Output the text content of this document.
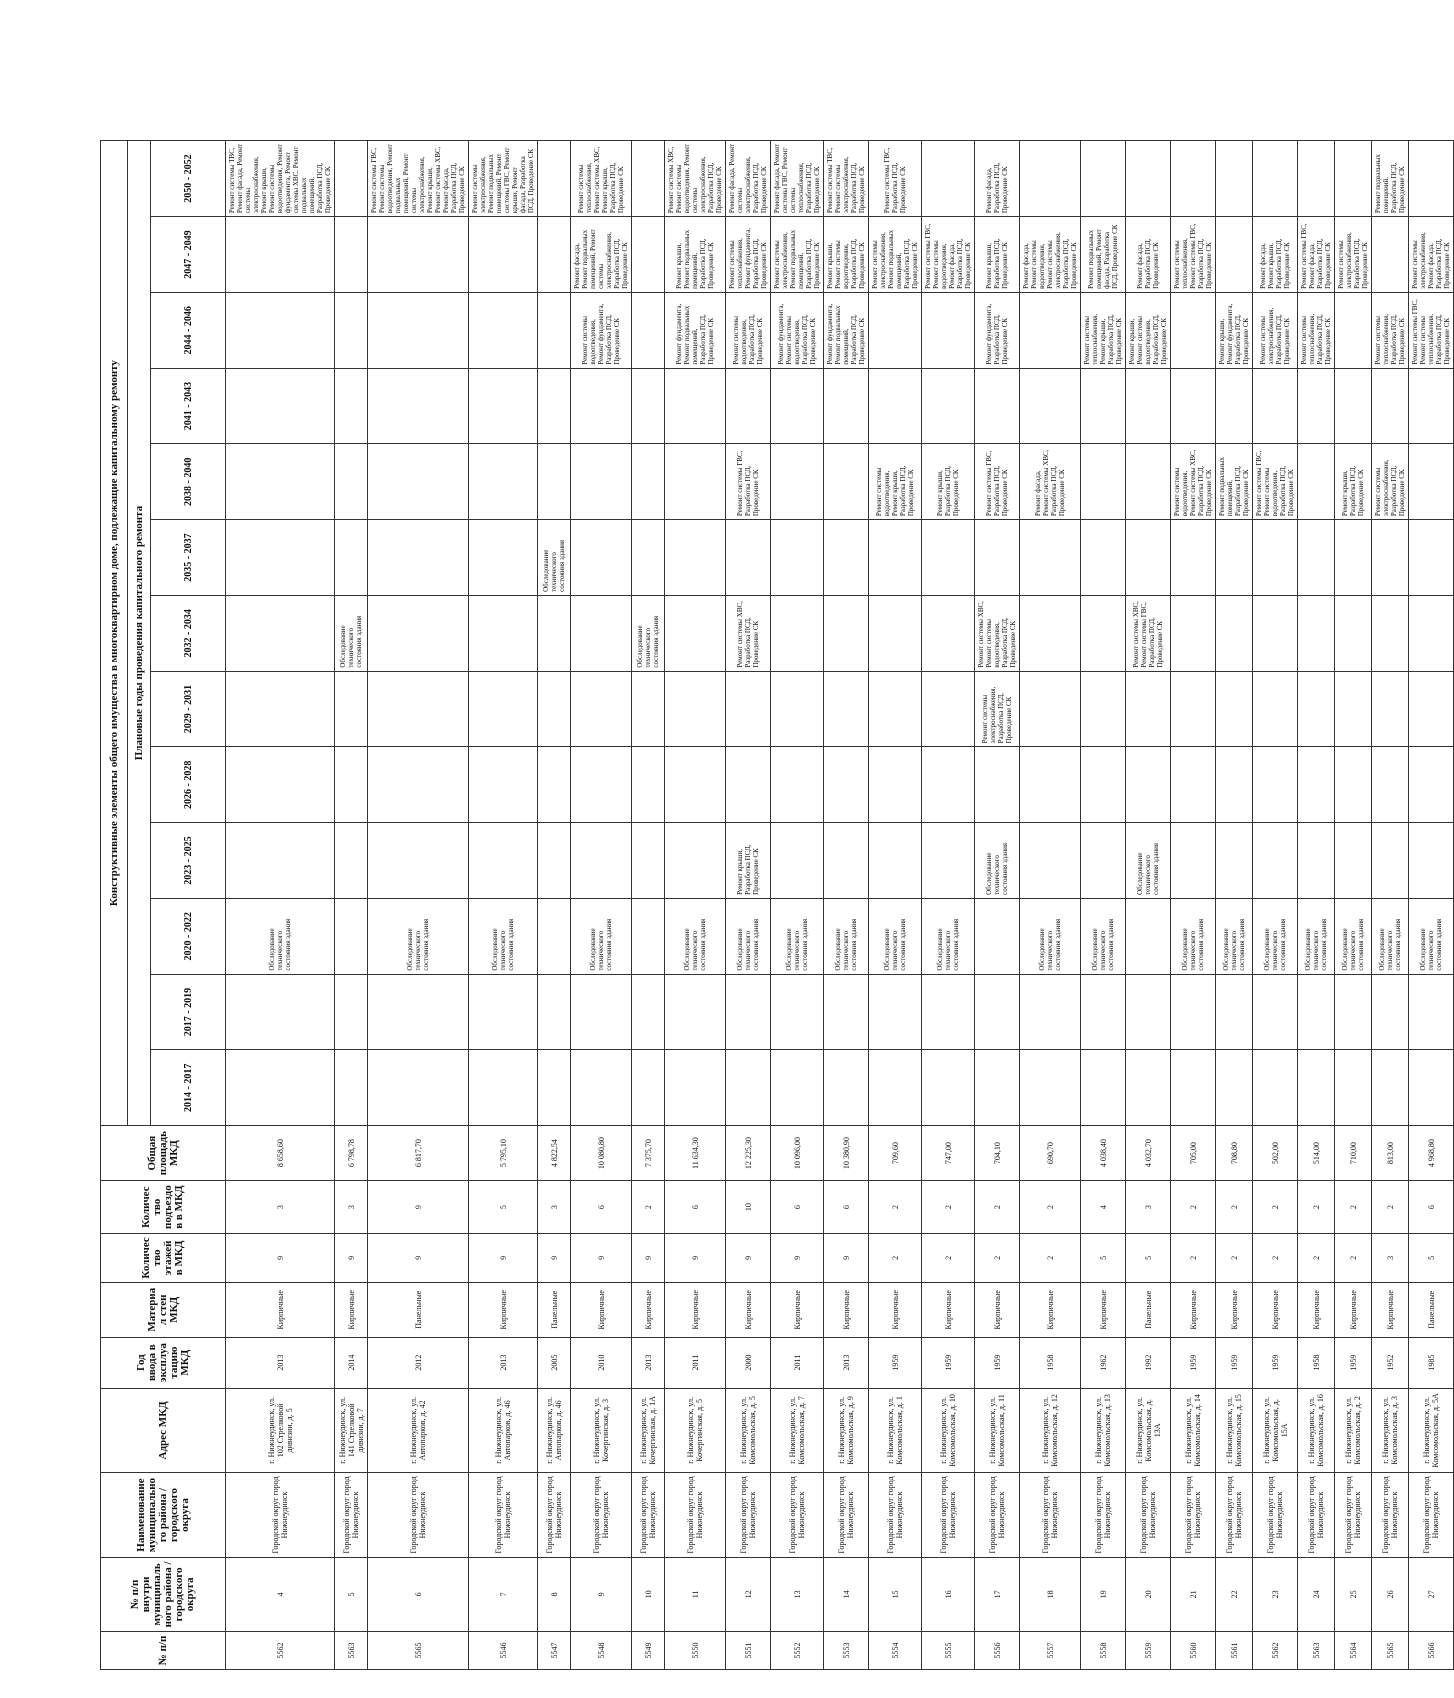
№ п/п	№ п/п внутри муниципального района / городского округа	Наименование муниципального района / городского округа	Адрес МКД	Год ввода в эксплуатацию МКД	Материал стен МКД	Количество этажей в МКД	Количество подъездов в МКД	Общая площадь МКД	Конструктивные элементы общего имущества в многоквартирном доме, подлежащие капитальному ремонту												
									Плановые годы проведения капитального ремонта												
									2014 - 2017	2017 - 2019	2020 - 2022	2023 - 2025	2026 - 2028	2029 - 2031	2032 - 2034	2035 - 2037	2038 - 2040	2041 - 2043	2044 - 2046	2047 - 2049	2050 - 2052
5562	4	Городской округ город Нижнеудинск	г. Нижнеудинск, ул. 102 Стрелковой дивизии, д. 5	2013	Кирпичные	9	3	8 658,60			Обследование технического состояния здания										Ремонт системы ТВС, Ремонт фасада, Ремонт системы электроснабжения, Ремонт крыши, Ремонт системы водоотведения, Ремонт фундамента, Ремонт системы ХВС, Ремонт подвальных помещений, Разработка ПСД, Проведение СК
5563	5	Городской округ город Нижнеудинск	г. Нижнеудинск, ул. 141 Стрелковой дивизии, д. 7	2014	Кирпичные	9	3	6 798,78							Обследование технического состояния здания						
5565	6	Городской округ город Нижнеудинск	г. Нижнеудинск, ул. Автопарков, д. 42	2012	Панельные	9	9	6 817,70			Обследование технического состояния здания										Ремонт системы ГВС, Ремонт системы водоотведения, Ремонт подвальных помещений, Ремонт системы электроснабжения, Ремонт крыши, Ремонт системы ХВС, Ремонт фасада, Разработка ПСД, Проведение СК
5546	7	Городской округ город Нижнеудинск	г. Нижнеудинск, ул. Автопарков, д. 46	2013	Кирпичные	9	5	5 795,10			Обследование технического состояния здания										Ремонт системы электроснабжения, Ремонт подвальных помещений, Ремонт системы ГВС, Ремонт крыши, Ремонт фасада, Разработка ПСД, Проведение СК
5547	8	Городской округ город Нижнеудинск	г. Нижнеудинск, ул. Автопарков, д. 46	2005	Панельные	9	3	4 822,54								Обследование технического состояния здания					
5548	9	Городской округ город Нижнеудинск	г. Нижнеудинск, ул. Кочергинская, д. 3	2010	Кирпичные	9	6	10 080,80			Обследование технического состояния здания								Ремонт системы водоотведения, Ремонт фундамента, Разработка ПСД, Проведение СК	Ремонт фасада, Ремонт подвальных помещений, Ремонт системы электроснабжения, Разработка ПСД, Проведение СК	Ремонт системы теплоснабжения, Ремонт системы ХВС, Ремонт крыши, Разработка ПСД, Проведение СК
5549	10	Городской округ город Нижнеудинск	г. Нижнеудинск, ул. Кочергинская, д. 1А	2013	Кирпичные	9	2	7 375,70							Обследование технического состояния здания						
5550	11	Городской округ город Нижнеудинск	г. Нижнеудинск, ул. Кочергинская, д. 5	2011	Кирпичные	9	6	11 634,30			Обследование технического состояния здания								Ремонт фундамента, Ремонт подвальных помещений, Разработка ПСД, Проведение СК	Ремонт крыши, Ремонт подвальных помещений, Разработка ПСД, Проведение СК	Ремонт системы ХВС, Ремонт системы водоотведения, Ремонт системы электроснабжения, Разработка ПСД, Проведение СК
5551	12	Городской округ город Нижнеудинск	г. Нижнеудинск, ул. Комсомольская, д. 5	2000	Кирпичные	9	10	12 225,30			Обследование технического состояния здания	Ремонт крыши, Разработка ПСД, Проведение СК			Ремонт системы ХВС, Разработка ПСД, Проведение СК		Ремонт системы ГВС, Разработка ПСД, Проведение СК		Ремонт системы водоотведения, Разработка ПСД, Проведение СК	Ремонт системы теплоснабжения, Ремонт фундамента, Разработка ПСД, Проведение СК	Ремонт фасада, Ремонт системы электроснабжения, Разработка ПСД, Проведение СК
5552	13	Городской округ город Нижнеудинск	г. Нижнеудинск, ул. Комсомольская, д. 7	2011	Кирпичные	9	6	10 096,00			Обследование технического состояния здания								Ремонт фундамента, Ремонт системы водоотведения, Разработка ПСД, Проведение СК	Ремонт системы электроснабжения, Ремонт подвальных помещений, Разработка ПСД, Проведение СК	Ремонт фасада, Ремонт системы ГВС, Ремонт системы теплоснабжения, Разработка ПСД, Проведение СК
5553	14	Городской округ город Нижнеудинск	г. Нижнеудинск, ул. Комсомольская, д. 9	2013	Кирпичные	9	6	10 380,90			Обследование технического состояния здания								Ремонт фундамента, Ремонт подвальных помещений, Разработка ПСД, Проведение СК	Ремонт крыши, Ремонт системы водоотведения, Разработка ПСД, Проведение СК	Ремонт системы ТВС, Ремонт системы электроснабжения, Разработка ПСД, Проведение СК
5554	15	Городской округ город Нижнеудинск	г. Нижнеудинск, ул. Комсомольская, д. 1	1959	Кирпичные	2	2	709,60			Обследование технического состояния здания						Ремонт системы водоотведения, Ремонт крыши, Разработка ПСД, Проведение СК			Ремонт системы электроснабжения, Ремонт подвальных помещений, Разработка ПСД, Проведение СК	Ремонт системы ГВС, Разработка ПСД, Проведение СК
5555	16	Городской округ город Нижнеудинск	г. Нижнеудинск, ул. Комсомольская, д. 10	1959	Кирпичные	2	2	747,00			Обследование технического состояния здания						Ремонт крыши, Разработка ПСД, Проведение СК			Ремонт системы ГВС, Ремонт системы водоотведения, Ремонт фасада, Разработка ПСД, Проведение СК	
5556	17	Городской округ город Нижнеудинск	г. Нижнеудинск, ул. Комсомольская, д. 11	1959	Кирпичные	2	2	704,10				Обследование технического состояния здания		Ремонт системы электроснабжения, Разработка ПСД, Проведение СК	Ремонт системы ХВС, Ремонт системы водоотведения, Разработка ПСД, Проведение СК		Ремонт системы ГВС, Разработка ПСД, Проведение СК		Ремонт фундамента, Разработка ПСД, Проведение СК	Ремонт крыши, Разработка ПСД, Проведение СК	Ремонт фасада, Разработка ПСД, Проведение СК
5557	18	Городской округ город Нижнеудинск	г. Нижнеудинск, ул. Комсомольская, д. 12	1958	Кирпичные	2	2	690,70			Обследование технического состояния здания						Ремонт фасада, Ремонт системы ХВС, Разработка ПСД, Проведение СК			Ремонт фасада, Ремонт системы водоотведения, Ремонт системы электроснабжения, Разработка ПСД, Проведение СК	
5558	19	Городской округ город Нижнеудинск	г. Нижнеудинск, ул. Комсомольская, д. 13	1962	Кирпичные	5	4	4 038,40			Обследование технического состояния здания								Ремонт системы теплоснабжения, Ремонт крыши, Разработка ПСД, Проведение СК	Ремонт подвальных помещений, Ремонт фасада, Разработка ПСД, Проведение СК	
5559	20	Городской округ город Нижнеудинск	г. Нижнеудинск, ул. Комсомольская, д. 13А	1992	Панельные	5	3	4 032,70				Обследование технического состояния здания			Ремонт системы ХВС, Ремонт системы ГВС, Разработка ПСД, Проведение СК				Ремонт крыши, Ремонт системы водоотведения, Разработка ПСД, Проведение СК	Ремонт фасада, Разработка ПСД, Проведение СК	
5560	21	Городской округ город Нижнеудинск	г. Нижнеудинск, ул. Комсомольская, д. 14	1959	Кирпичные	2	2	705,00			Обследование технического состояния здания						Ремонт системы водоотведения, Ремонт системы ХВС, Разработка ПСД, Проведение СК			Ремонт системы теплоснабжения, Ремонт системы ГВС, Разработка ПСД, Проведение СК	
5561	22	Городской округ город Нижнеудинск	г. Нижнеудинск, ул. Комсомольская, д. 15	1959	Кирпичные	2	2	708,80			Обследование технического состояния здания						Ремонт подвальных помещений, Разработка ПСД, Проведение СК		Ремонт крыши, Ремонт фундамента, Разработка ПСД, Проведение СК		
5562	23	Городской округ город Нижнеудинск	г. Нижнеудинск, ул. Комсомольская, д. 15А	1959	Кирпичные	2	2	502,00			Обследование технического состояния здания						Ремонт системы ГВС, Ремонт системы водоотведения, Разработка ПСД, Проведение СК		Ремонт системы электроснабжения, Разработка ПСД, Проведение СК	Ремонт фасада, Ремонт крыши, Разработка ПСД, Проведение СК	
5563	24	Городской округ город Нижнеудинск	г. Нижнеудинск, ул. Комсомольская, д. 16	1958	Кирпичные	2	2	514,00			Обследование технического состояния здания								Ремонт системы теплоснабжения, Разработка ПСД, Проведение СК	Ремонт системы ГВС, Ремонт фасада, Разработка ПСД, Проведение СК	
5564	25	Городской округ город Нижнеудинск	г. Нижнеудинск, ул. Комсомольская, д. 2	1959	Кирпичные	2	2	710,00			Обследование технического состояния здания						Ремонт крыши, Разработка ПСД, Проведение СК			Ремонт системы электроснабжения, Разработка ПСД, Проведение СК	
5565	26	Городской округ город Нижнеудинск	г. Нижнеудинск, ул. Комсомольская, д. 3	1952	Кирпичные	3	2	813,00			Обследование технического состояния здания						Ремонт системы электроснабжения, Разработка ПСД, Проведение СК		Ремонт системы теплоснабжения, Разработка ПСД, Проведение СК		Ремонт подвальных помещений, Разработка ПСД, Проведение СК
5566	27	Городской округ город Нижнеудинск	г. Нижнеудинск, ул. Комсомольская, д. 5А	1985	Панельные	5	6	4 968,80			Обследование технического состояния здания								Ремонт системы ГВС, Ремонт системы теплоснабжения, Разработка ПСД, Проведение СК	Ремонт системы электроснабжения, Ремонт фасада, Разработка ПСД, Проведение СК	
